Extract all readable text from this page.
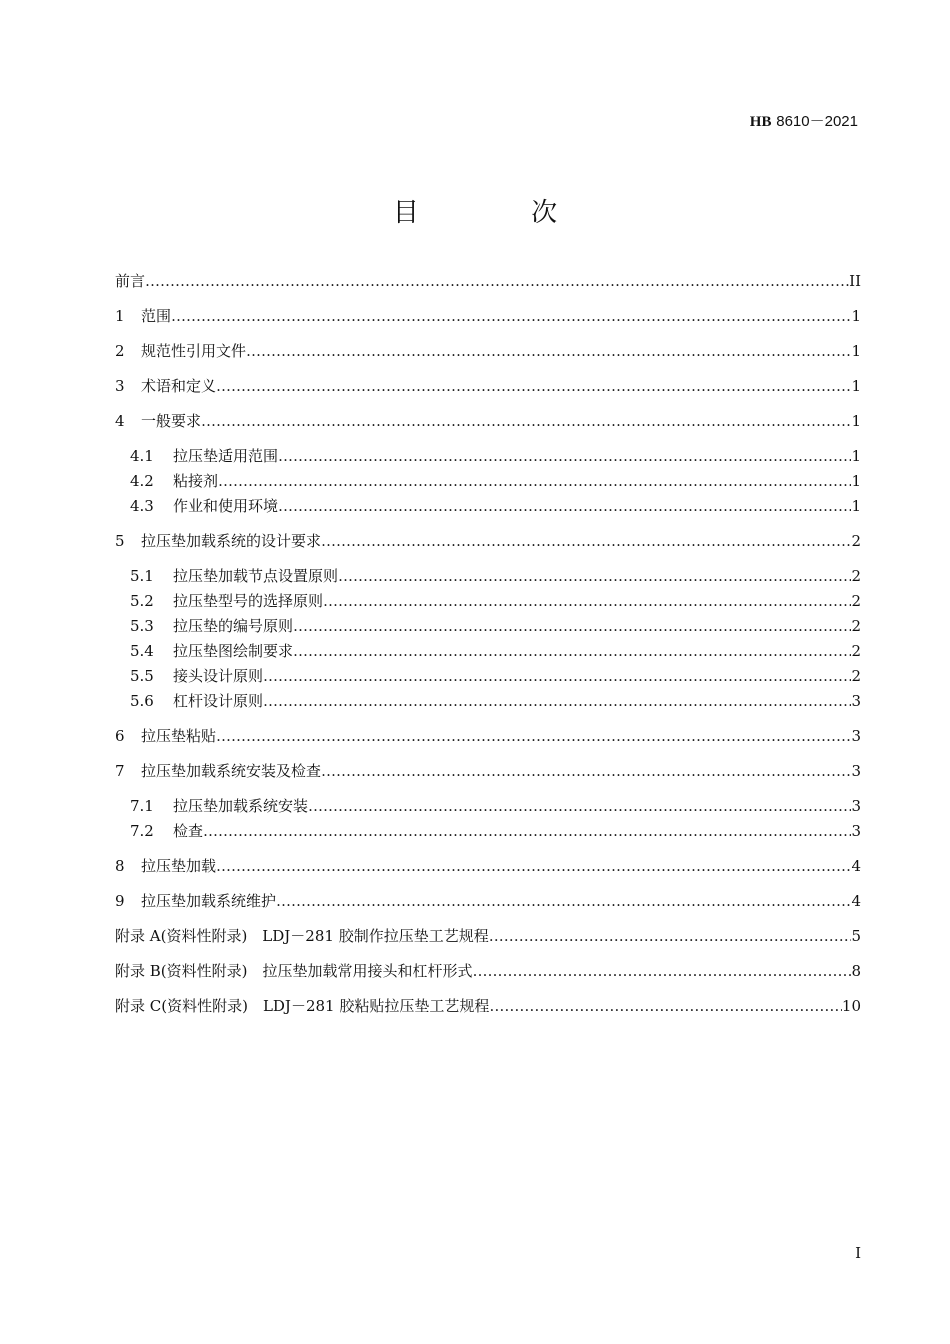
HB 8610－2021
目 次
前言 ……………………………………………………………………………………………………………………………………………………………………………………	II
1	范围 ……………………………………………………………………………………………………………………………………………………………………………………	1
2	规范性引用文件 ……………………………………………………………………………………………………………………………………………………………………………………	1
3	术语和定义 ……………………………………………………………………………………………………………………………………………………………………………………	1
4	一般要求 ……………………………………………………………………………………………………………………………………………………………………………………	1
4.1	拉压垫适用范围 ……………………………………………………………………………………………………………………………………………………………………………………	1
4.2	粘接剂 ……………………………………………………………………………………………………………………………………………………………………………………	1
4.3	作业和使用环境 ……………………………………………………………………………………………………………………………………………………………………………………	1
5	拉压垫加载系统的设计要求 ……………………………………………………………………………………………………………………………………………………………………………………	2
5.1	拉压垫加载节点设置原则 ……………………………………………………………………………………………………………………………………………………………………………………	2
5.2	拉压垫型号的选择原则 ……………………………………………………………………………………………………………………………………………………………………………………	2
5.3	拉压垫的编号原则 ……………………………………………………………………………………………………………………………………………………………………………………	2
5.4	拉压垫图绘制要求 ……………………………………………………………………………………………………………………………………………………………………………………	2
5.5	接头设计原则 ……………………………………………………………………………………………………………………………………………………………………………………	2
5.6	杠杆设计原则 ……………………………………………………………………………………………………………………………………………………………………………………	3
6	拉压垫粘贴 ……………………………………………………………………………………………………………………………………………………………………………………	3
7	拉压垫加载系统安装及检查 ……………………………………………………………………………………………………………………………………………………………………………………	3
7.1	拉压垫加载系统安装 ……………………………………………………………………………………………………………………………………………………………………………………	3
7.2	检查 ……………………………………………………………………………………………………………………………………………………………………………………	3
8	拉压垫加载 ……………………………………………………………………………………………………………………………………………………………………………………	4
9	拉压垫加载系统维护 ……………………………………………………………………………………………………………………………………………………………………………………	4
附录 A(资料性附录)　LDJ－281 胶制作拉压垫工艺规程 ……………………………………………………………………………………………………………………………………………………………………………………	5
附录 B(资料性附录)　拉压垫加载常用接头和杠杆形式 ……………………………………………………………………………………………………………………………………………………………………………………	8
附录 C(资料性附录)　LDJ－281 胶粘贴拉压垫工艺规程 ……………………………………………………………………………………………………………………………………………………………………………………	10
I
